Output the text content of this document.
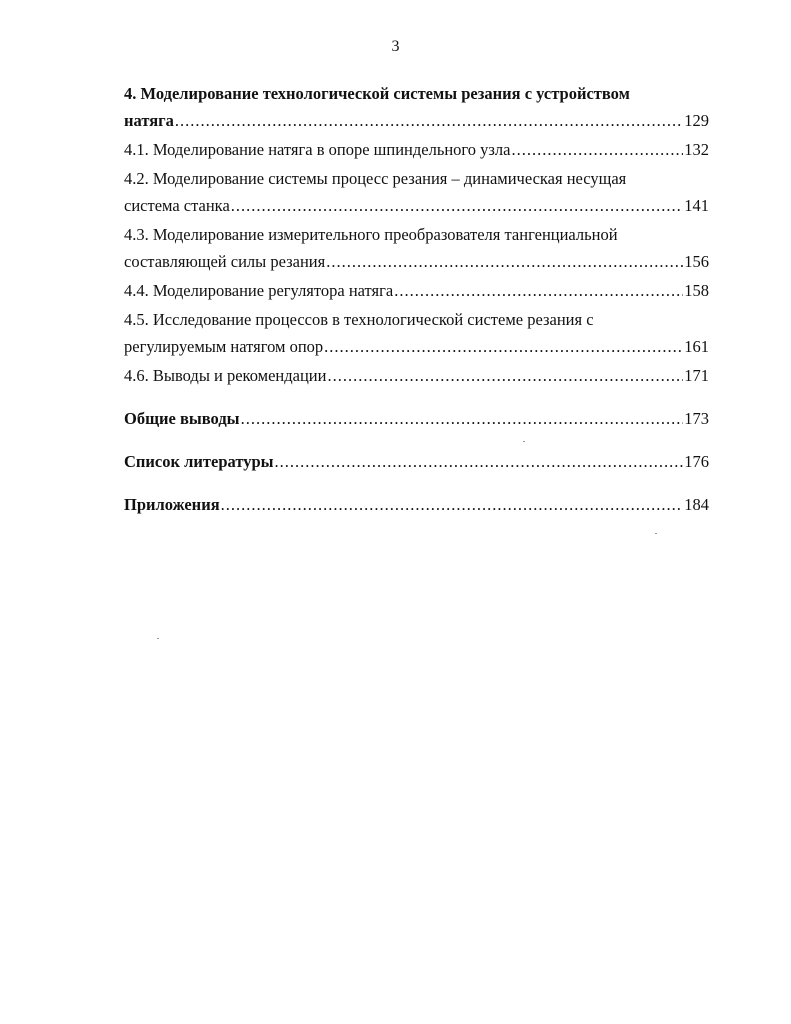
3
4. Моделирование технологической системы резания с устройством
натяга .....	129
4.1. Моделирование натяга в опоре шпиндельного узла .....	132
4.2. Моделирование системы процесс резания – динамическая несущая
система станка .....	141
4.3. Моделирование измерительного преобразователя тангенциальной
составляющей силы резания .....	156
4.4. Моделирование регулятора натяга .....	158
4.5. Исследование процессов в технологической системе резания с
регулируемым натягом опор .....	161
4.6. Выводы и рекомендации .....	171
Общие выводы .....	173
Список литературы .....	176
Приложения .....	184
